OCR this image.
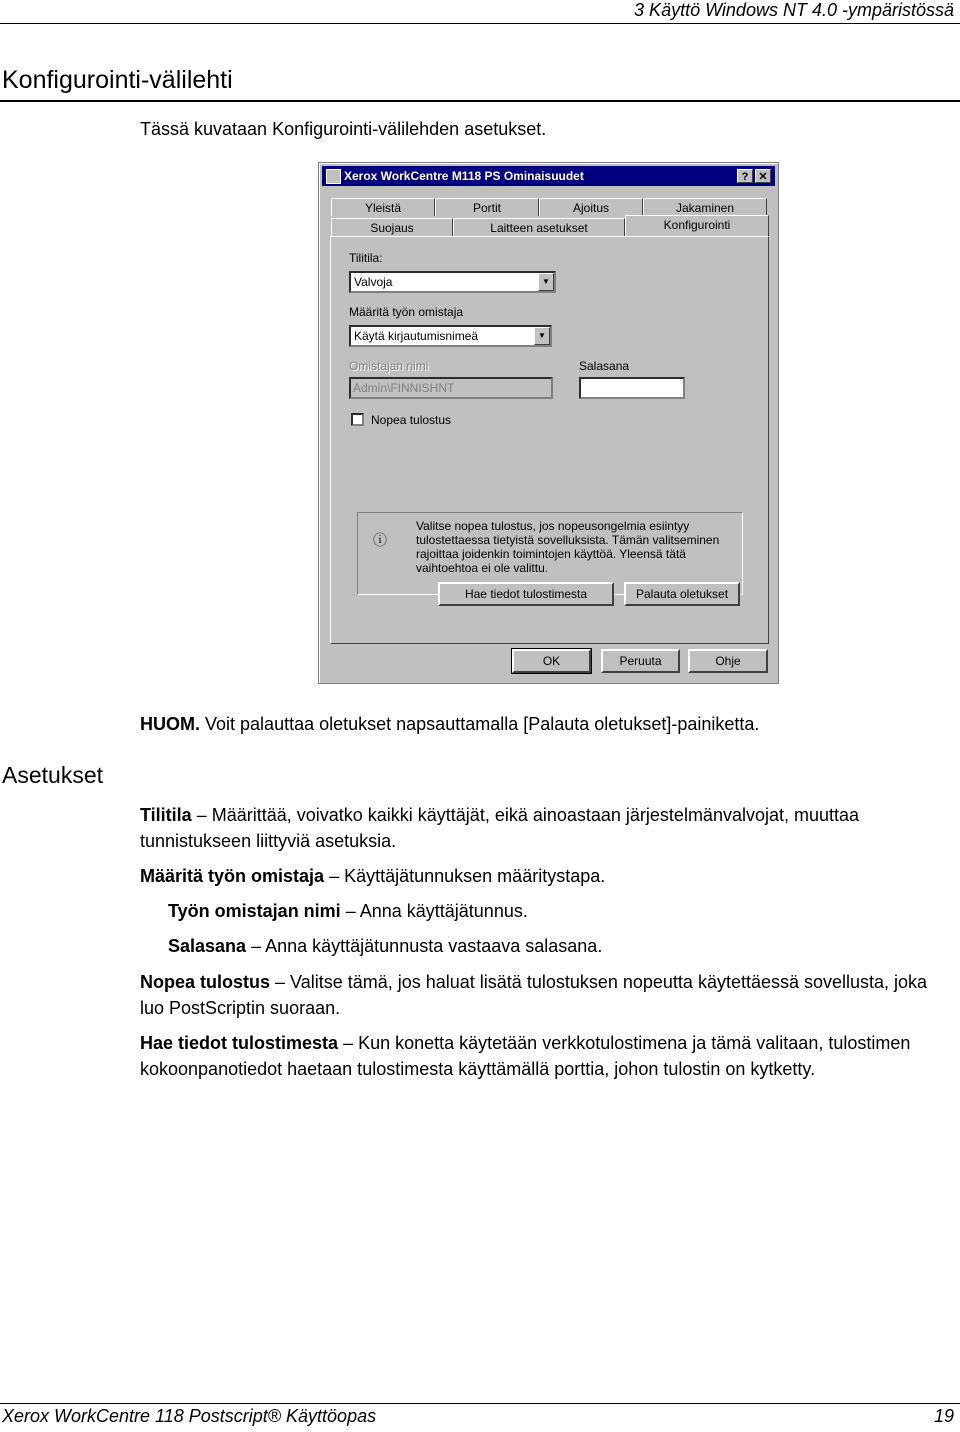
3 Käyttö Windows NT 4.0 -ympäristössä
Konfigurointi-välilehti
Tässä kuvataan Konfigurointi-välilehden asetukset.
Xerox WorkCentre M118 PS Ominaisuudet	? ✕
Yleistä	Portit	Ajoitus	Jakaminen
Suojaus	Laitteen asetukset	Konfigurointi
Tilitila:
Valvoja	▼
Määritä työn omistaja
Käytä kirjautumisnimeä	▼
Omistajan nimi
Admin\FINNISHNT
Salasana
Nopea tulostus
ⓘ
Valitse nopea tulostus, jos nopeusongelmia esiintyy tulostettaessa tietyistä sovelluksista. Tämän valitseminen rajoittaa joidenkin toimintojen käyttöä. Yleensä tätä vaihtoehtoa ei ole valittu.
Hae tiedot tulostimesta	Palauta oletukset
OK	Peruuta	Ohje
HUOM. Voit palauttaa oletukset napsauttamalla [Palauta oletukset]-painiketta.
Asetukset
Tilitila – Määrittää, voivatko kaikki käyttäjät, eikä ainoastaan järjestelmänvalvojat, muuttaa tunnistukseen liittyviä asetuksia.
Määritä työn omistaja – Käyttäjätunnuksen määritystapa.
Työn omistajan nimi – Anna käyttäjätunnus.
Salasana – Anna käyttäjätunnusta vastaava salasana.
Nopea tulostus – Valitse tämä, jos haluat lisätä tulostuksen nopeutta käytettäessä sovellusta, joka luo PostScriptin suoraan.
Hae tiedot tulostimesta – Kun konetta käytetään verkkotulostimena ja tämä valitaan, tulostimen kokoonpanotiedot haetaan tulostimesta käyttämällä porttia, johon tulostin on kytketty.
Xerox WorkCentre 118 Postscript® Käyttöopas	19
